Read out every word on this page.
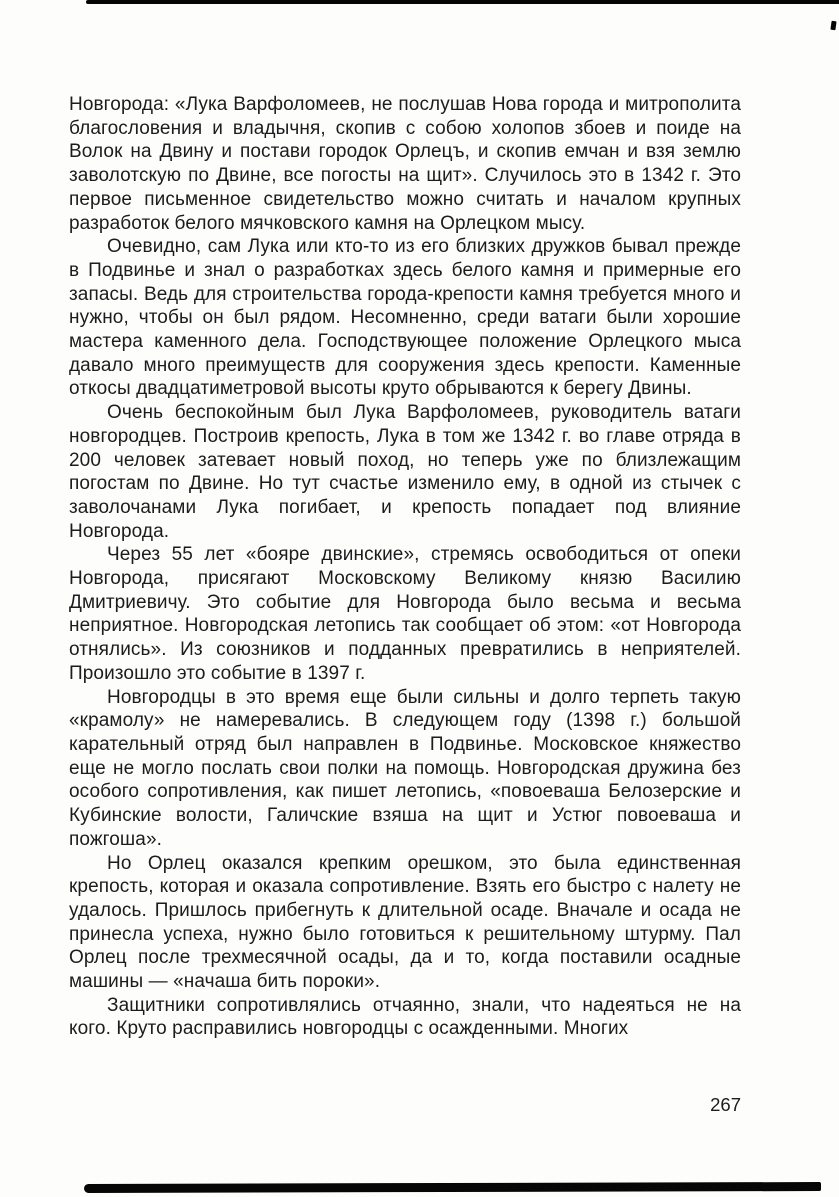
Новгорода: «Лука Варфоломеев, не послушав Нова города и митрополита благословения и владычня, скопив с собою холопов збоев и поиде на Волок на Двину и постави городок Орлецъ, и скопив емчан и взя землю заволотскую по Двине, все погосты на щит». Случилось это в 1342 г. Это первое письменное свидетельство можно считать и началом крупных разработок белого мячковского камня на Орлецком мысу.

Очевидно, сам Лука или кто-то из его близких дружков бывал прежде в Подвинье и знал о разработках здесь белого камня и примерные его запасы. Ведь для строительства города-крепости камня требуется много и нужно, чтобы он был рядом. Несомненно, среди ватаги были хорошие мастера каменного дела. Господствующее положение Орлецкого мыса давало много преимуществ для сооружения здесь крепости. Каменные откосы двадцатиметровой высоты круто обрываются к берегу Двины.

Очень беспокойным был Лука Варфоломеев, руководитель ватаги новгородцев. Построив крепость, Лука в том же 1342 г. во главе отряда в 200 человек затевает новый поход, но теперь уже по близлежащим погостам по Двине. Но тут счастье изменило ему, в одной из стычек с заволочанами Лука погибает, и крепость попадает под влияние Новгорода.

Через 55 лет «бояре двинские», стремясь освободиться от опеки Новгорода, присягают Московскому Великому князю Василию Дмитриевичу. Это событие для Новгорода было весьма и весьма неприятное. Новгородская летопись так сообщает об этом: «от Новгорода отнялись». Из союзников и подданных превратились в неприятелей. Произошло это событие в 1397 г.

Новгородцы в это время еще были сильны и долго терпеть такую «крамолу» не намеревались. В следующем году (1398 г.) большой карательный отряд был направлен в Подвинье. Московское княжество еще не могло послать свои полки на помощь. Новгородская дружина без особого сопротивления, как пишет летопись, «повоеваша Белозерские и Кубинские волости, Галичские взяша на щит и Устюг повоеваша и пожгоша».

Но Орлец оказался крепким орешком, это была единственная крепость, которая и оказала сопротивление. Взять его быстро с налету не удалось. Пришлось прибегнуть к длительной осаде. Вначале и осада не принесла успеха, нужно было готовиться к решительному штурму. Пал Орлец после трехмесячной осады, да и то, когда поставили осадные машины — «начаша бить пороки».

Защитники сопротивлялись отчаянно, знали, что надеяться не на кого. Круто расправились новгородцы с осажденными. Многих

267
